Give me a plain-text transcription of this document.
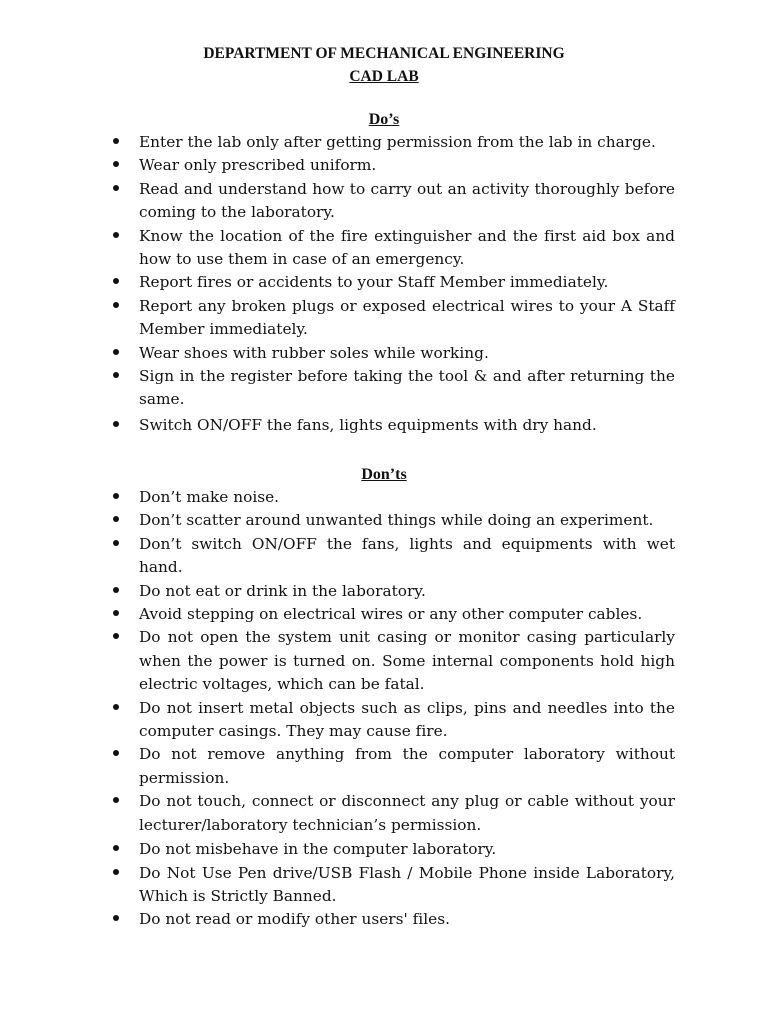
DEPARTMENT OF MECHANICAL ENGINEERING
CAD LAB
Do’s
Enter the lab only after getting permission from the lab in charge.
Wear only prescribed uniform.
Read and understand how to carry out an activity thoroughly before coming to the laboratory.
Know the location of the fire extinguisher and the first aid box and how to use them in case of an emergency.
Report fires or accidents to your Staff Member immediately.
Report any broken plugs or exposed electrical wires to your A Staff Member immediately.
Wear shoes with rubber soles while working.
Sign in the register before taking the tool & and after returning the same.
Switch ON/OFF the fans, lights equipments with dry hand.
Don’ts
Don’t make noise.
Don’t scatter around unwanted things while doing an experiment.
Don’t switch ON/OFF the fans, lights and equipments with wet hand.
Do not eat or drink in the laboratory.
Avoid stepping on electrical wires or any other computer cables.
Do not open the system unit casing or monitor casing particularly when the power is turned on. Some internal components hold high electric voltages, which can be fatal.
Do not insert metal objects such as clips, pins and needles into the computer casings. They may cause fire.
Do not remove anything from the computer laboratory without permission.
Do not touch, connect or disconnect any plug or cable without your lecturer/laboratory technician’s permission.
Do not misbehave in the computer laboratory.
Do Not Use Pen drive/USB Flash / Mobile Phone inside Laboratory, Which is Strictly Banned.
Do not read or modify other users' files.
